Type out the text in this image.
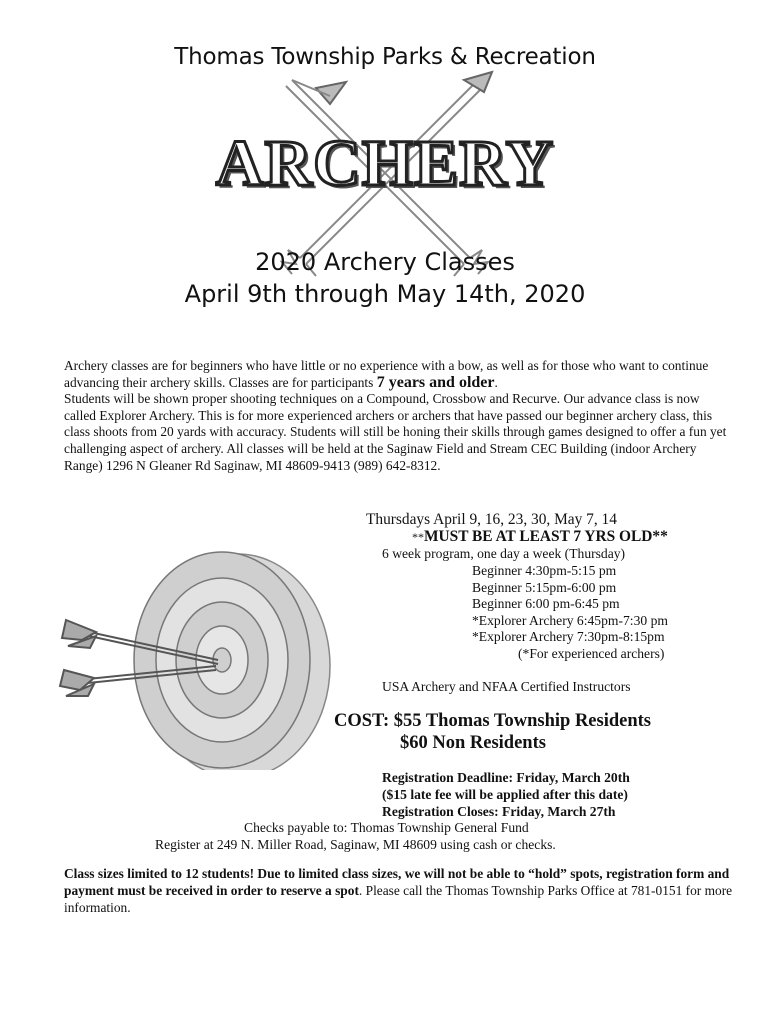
Thomas Township Parks & Recreation
ARCHERY
2020 Archery Classes
April 9th through May 14th, 2020
Archery classes are for beginners who have little or no experience with a bow, as well as for those who want to continue advancing their archery skills. Classes are for participants 7 years and older.
Students will be shown proper shooting techniques on a Compound, Crossbow and Recurve. Our advance class is now called Explorer Archery. This is for more experienced archers or archers that have passed our beginner archery class, this class shoots from 20 yards with accuracy. Students will still be honing their skills through games designed to offer a fun yet challenging aspect of archery. All classes will be held at the Saginaw Field and Stream CEC Building (indoor Archery Range) 1296 N Gleaner Rd Saginaw, MI 48609-9413 (989) 642-8312.
Thursdays April 9, 16, 23, 30, May 7, 14
**MUST BE AT LEAST 7 YRS OLD**
6 week program, one day a week (Thursday)
Beginner 4:30pm-5:15 pm
Beginner 5:15pm-6:00 pm
Beginner 6:00 pm-6:45 pm
*Explorer Archery 6:45pm-7:30 pm
*Explorer Archery 7:30pm-8:15pm
(*For experienced archers)
USA Archery and NFAA Certified Instructors
COST: $55 Thomas Township Residents
$60 Non Residents
Registration Deadline: Friday, March 20th
($15 late fee will be applied after this date)
Registration Closes: Friday, March 27th
Checks payable to: Thomas Township General Fund
Register at 249 N. Miller Road, Saginaw, MI 48609 using cash or checks.
Class sizes limited to 12 students! Due to limited class sizes, we will not be able to “hold” spots, registration form and payment must be received in order to reserve a spot. Please call the Thomas Township Parks Office at 781-0151 for more information.
